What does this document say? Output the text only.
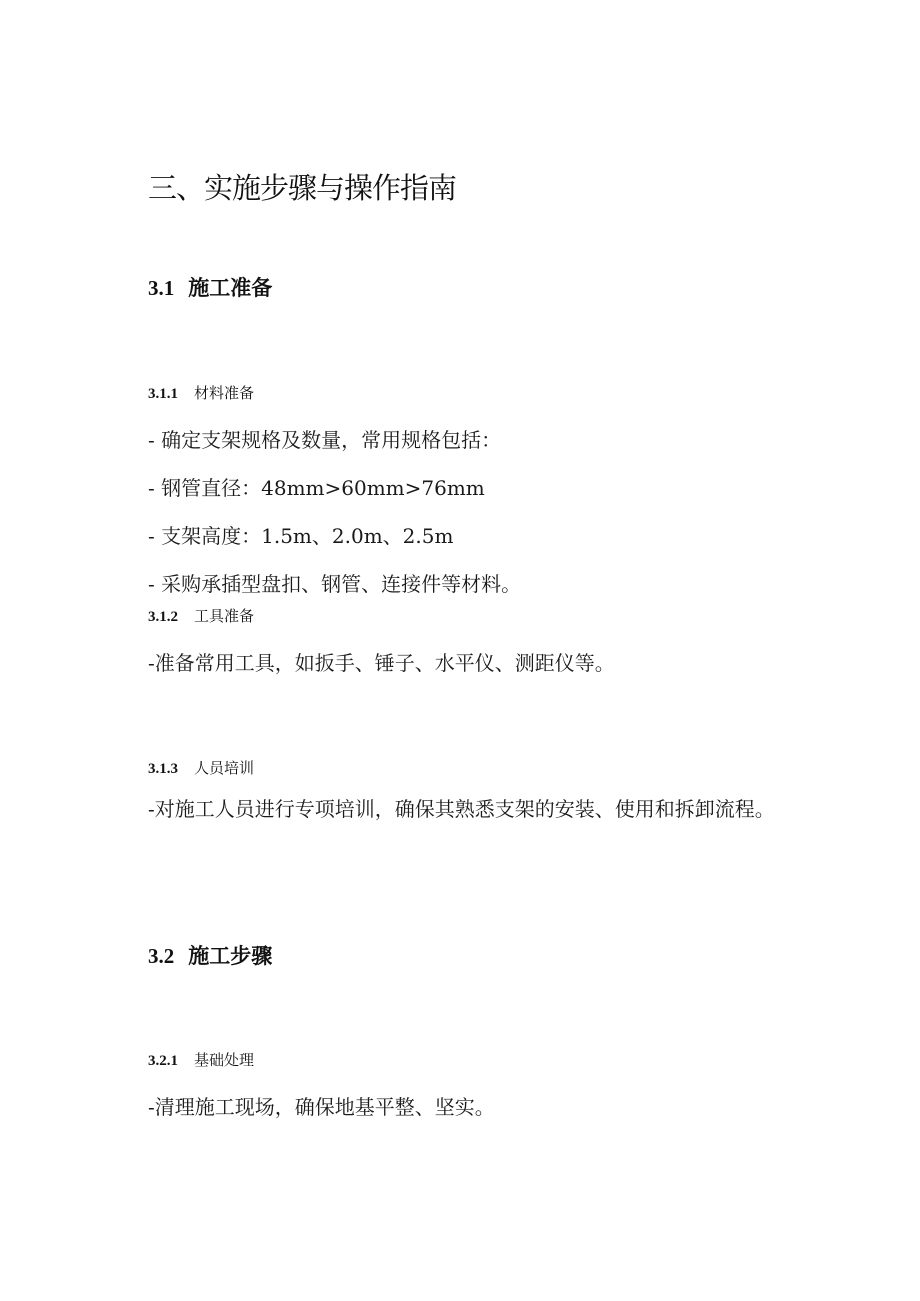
三、实施步骤与操作指南
3.1 施工准备
3.1.1 材料准备
- 确定支架规格及数量，常用规格包括：
- 钢管直径：48mm>60mm>76mm
- 支架高度：1.5m、2.0m、2.5m
- 采购承插型盘扣、钢管、连接件等材料。
3.1.2 工具准备
-准备常用工具，如扳手、锤子、水平仪、测距仪等。
3.1.3 人员培训
-对施工人员进行专项培训，确保其熟悉支架的安装、使用和拆卸流程。
3.2 施工步骤
3.2.1 基础处理
-清理施工现场，确保地基平整、坚实。
